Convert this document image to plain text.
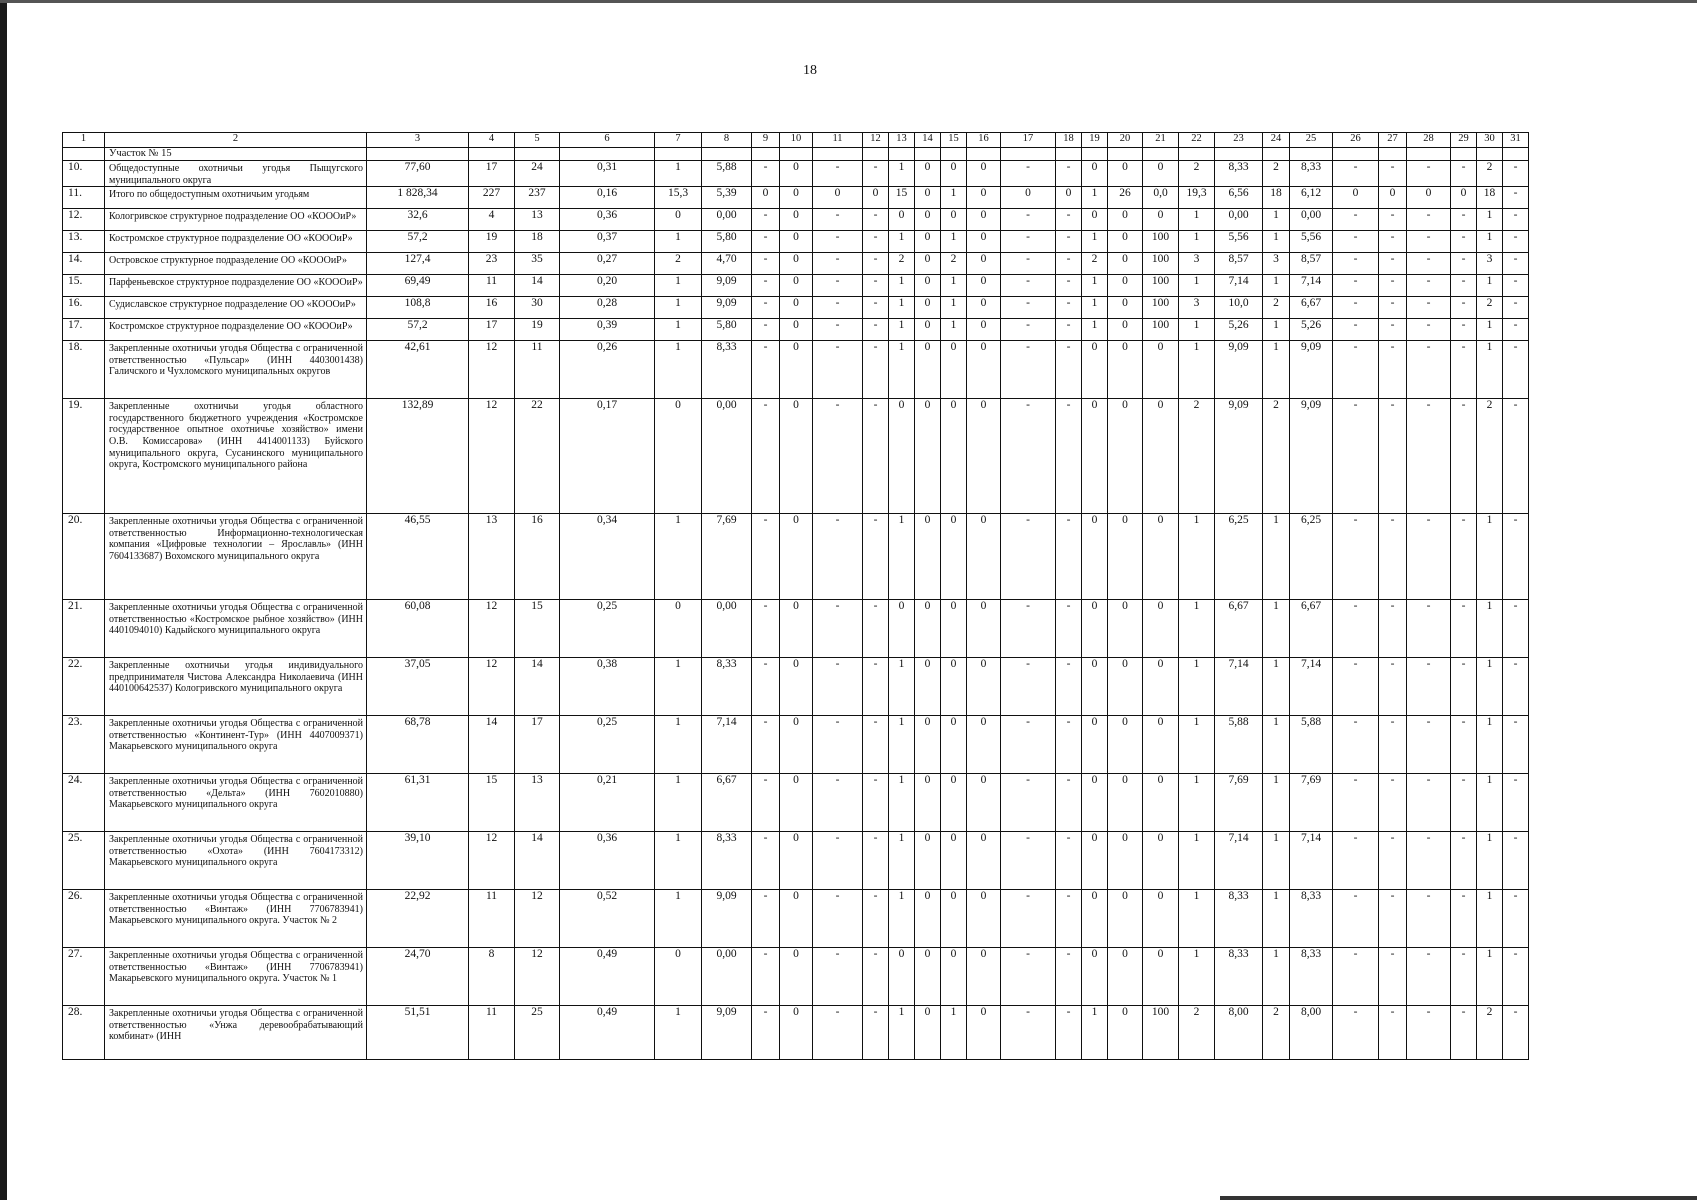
18
1	2	3	4	5	6	7	8	9	10	11	12	13	14	15	16	17	18	19	20	21	22	23	24	25	26	27	28	29	30	31
	Участок № 15																													
10.	Общедоступные охотничьи угодья Пыщугского муниципального округа	77,60	17	24	0,31	1	5,88	-	0	-	-	1	0	0	0	-	-	0	0	0	2	8,33	2	8,33	-	-	-	-	2	-
11.	Итого по общедоступным охотничьим угодьям	1 828,34	227	237	0,16	15,3	5,39	0	0	0	0	15	0	1	0	0	0	1	26	0,0	19,3	6,56	18	6,12	0	0	0	0	18	-
12.	Кологривское структурное подразделение ОО «КООOиР»	32,6	4	13	0,36	0	0,00	-	0	-	-	0	0	0	0	-	-	0	0	0	1	0,00	1	0,00	-	-	-	-	1	-
13.	Костромское структурное подразделение ОО «КООOиР»	57,2	19	18	0,37	1	5,80	-	0	-	-	1	0	1	0	-	-	1	0	100	1	5,56	1	5,56	-	-	-	-	1	-
14.	Островское структурное подразделение ОО «КООOиР»	127,4	23	35	0,27	2	4,70	-	0	-	-	2	0	2	0	-	-	2	0	100	3	8,57	3	8,57	-	-	-	-	3	-
15.	Парфеньевское структурное подразделение ОО «КООOиР»	69,49	11	14	0,20	1	9,09	-	0	-	-	1	0	1	0	-	-	1	0	100	1	7,14	1	7,14	-	-	-	-	1	-
16.	Судиславское структурное подразделение ОО «КООOиР»	108,8	16	30	0,28	1	9,09	-	0	-	-	1	0	1	0	-	-	1	0	100	3	10,0	2	6,67	-	-	-	-	2	-
17.	Костромское структурное подразделение ОО «КООOиР»	57,2	17	19	0,39	1	5,80	-	0	-	-	1	0	1	0	-	-	1	0	100	1	5,26	1	5,26	-	-	-	-	1	-
18.	Закрепленные охотничьи угодья Общества с ограниченной ответственностью «Пульсар» (ИНН 4403001438) Галичского и Чухломского муниципальных округов	42,61	12	11	0,26	1	8,33	-	0	-	-	1	0	0	0	-	-	0	0	0	1	9,09	1	9,09	-	-	-	-	1	-
19.	Закрепленные охотничьи угодья областного государственного бюджетного учреждения «Костромское государственное опытное охотничье хозяйство» имени О.В. Комиссарова» (ИНН 4414001133) Буйского муниципального округа, Сусанинского муниципального округа, Костромского муниципального района	132,89	12	22	0,17	0	0,00	-	0	-	-	0	0	0	0	-	-	0	0	0	2	9,09	2	9,09	-	-	-	-	2	-
20.	Закрепленные охотничьи угодья Общества с ограниченной ответственностью Информационно-технологическая компания «Цифровые технологии – Ярославль» (ИНН 7604133687) Вохомского муниципального округа	46,55	13	16	0,34	1	7,69	-	0	-	-	1	0	0	0	-	-	0	0	0	1	6,25	1	6,25	-	-	-	-	1	-
21.	Закрепленные охотничьи угодья Общества с ограниченной ответственностью «Костромское рыбное хозяйство» (ИНН 4401094010) Кадыйского муниципального округа	60,08	12	15	0,25	0	0,00	-	0	-	-	0	0	0	0	-	-	0	0	0	1	6,67	1	6,67	-	-	-	-	1	-
22.	Закрепленные охотничьи угодья индивидуального предпринимателя Чистова Александра Николаевича (ИНН 440100642537) Кологривского муниципального округа	37,05	12	14	0,38	1	8,33	-	0	-	-	1	0	0	0	-	-	0	0	0	1	7,14	1	7,14	-	-	-	-	1	-
23.	Закрепленные охотничьи угодья Общества с ограниченной ответственностью «Континент-Тур» (ИНН 4407009371) Макарьевского муниципального округа	68,78	14	17	0,25	1	7,14	-	0	-	-	1	0	0	0	-	-	0	0	0	1	5,88	1	5,88	-	-	-	-	1	-
24.	Закрепленные охотничьи угодья Общества с ограниченной ответственностью «Дельта» (ИНН 7602010880) Макарьевского муниципального округа	61,31	15	13	0,21	1	6,67	-	0	-	-	1	0	0	0	-	-	0	0	0	1	7,69	1	7,69	-	-	-	-	1	-
25.	Закрепленные охотничьи угодья Общества с ограниченной ответственностью «Охота» (ИНН 7604173312) Макарьевского муниципального округа	39,10	12	14	0,36	1	8,33	-	0	-	-	1	0	0	0	-	-	0	0	0	1	7,14	1	7,14	-	-	-	-	1	-
26.	Закрепленные охотничьи угодья Общества с ограниченной ответственностью «Винтаж» (ИНН 7706783941) Макарьевского муниципального округа. Участок № 2	22,92	11	12	0,52	1	9,09	-	0	-	-	1	0	0	0	-	-	0	0	0	1	8,33	1	8,33	-	-	-	-	1	-
27.	Закрепленные охотничьи угодья Общества с ограниченной ответственностью «Винтаж» (ИНН 7706783941) Макарьевского муниципального округа. Участок № 1	24,70	8	12	0,49	0	0,00	-	0	-	-	0	0	0	0	-	-	0	0	0	1	8,33	1	8,33	-	-	-	-	1	-
28.	Закрепленные охотничьи угодья Общества с ограниченной ответственностью «Унжа деревообрабатывающий комбинат» (ИНН	51,51	11	25	0,49	1	9,09	-	0	-	-	1	0	1	0	-	-	1	0	100	2	8,00	2	8,00	-	-	-	-	2	-
